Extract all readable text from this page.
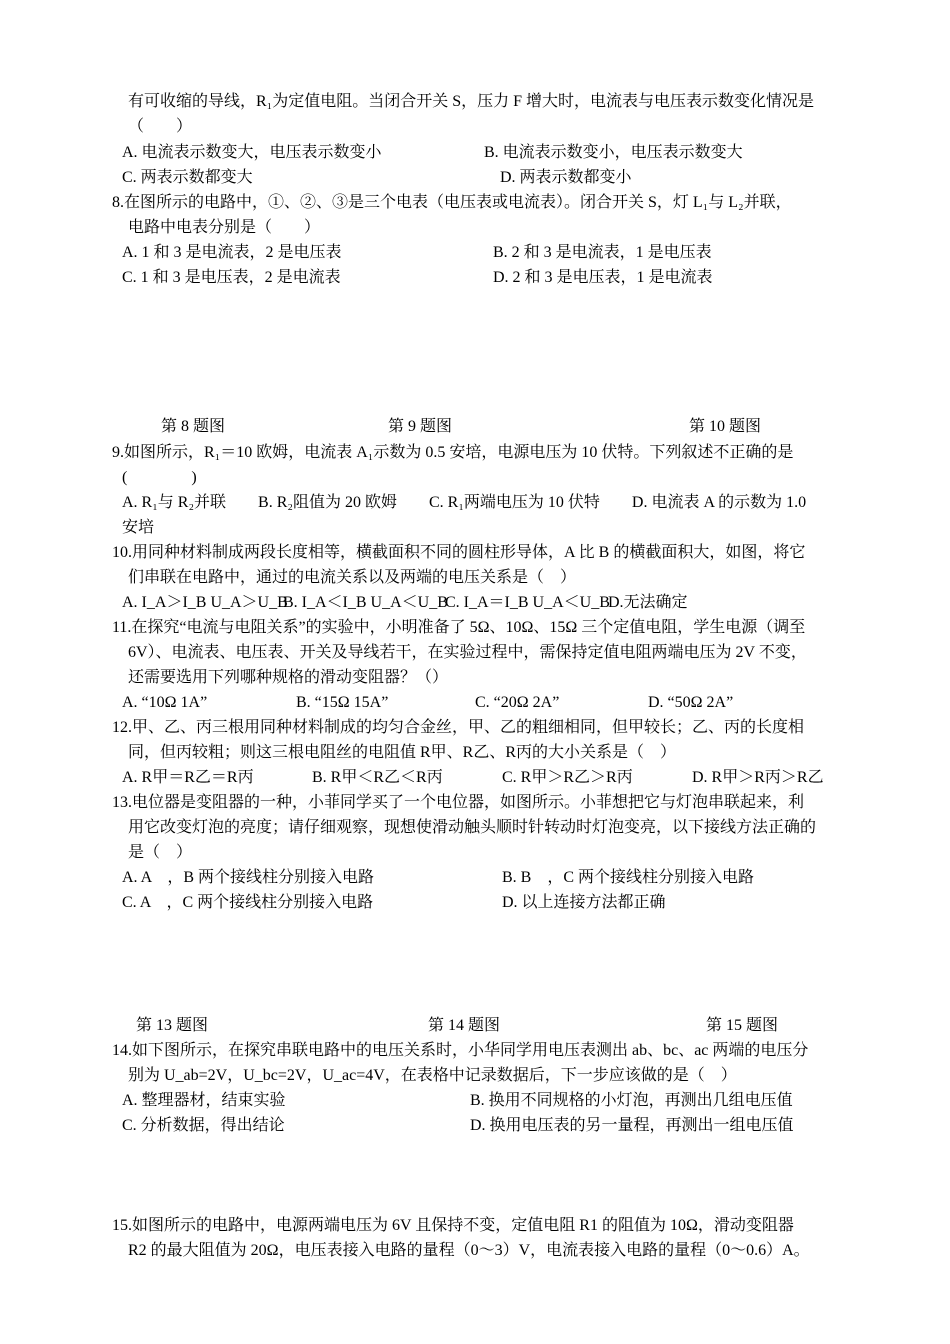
有可收缩的导线，R₁为定值电阻。当闭合开关 S，压力 F 增大时，电流表与电压表示数变化情况是
（　　）
A. 电流表示数变大，电压表示数变小	B. 电流表示数变小，电压表示数变大
C. 两表示数都变大	D. 两表示数都变小
8.在图所示的电路中，①、②、③是三个电表（电压表或电流表）。闭合开关 S，灯 L₁与 L₂并联，
电路中电表分别是（　　）
A. 1 和 3 是电流表，2 是电压表	B. 2 和 3 是电流表，1 是电压表
C. 1 和 3 是电压表，2 是电流表	D. 2 和 3 是电压表，1 是电流表
第 8 题图	第 9 题图	第 10 题图
9.如图所示，R₁＝10 欧姆，电流表 A₁示数为 0.5 安培，电源电压为 10 伏特。下列叙述不正确的是
(　　　　)
A. R₁与 R₂并联　　B. R₂阻值为 20 欧姆　　C. R₁两端电压为 10 伏特　　D. 电流表 A 的示数为 1.0
安培
10.用同种材料制成两段长度相等，横截面积不同的圆柱形导体，A 比 B 的横截面积大，如图，将它
们串联在电路中，通过的电流关系以及两端的电压关系是（　）
A. I_A＞I_B U_A＞U_B
B. I_A＜I_B U_A＜U_B
C. I_A＝I_B U_A＜U_B
D.无法确定
11.在探究“电流与电阻关系”的实验中，小明准备了 5Ω、10Ω、15Ω 三个定值电阻，学生电源（调至
6V）、电流表、电压表、开关及导线若干，在实验过程中，需保持定值电阻两端电压为 2V 不变，
还需要选用下列哪种规格的滑动变阻器？（）
A. “10Ω 1A”	B. “15Ω 15A”	C. “20Ω 2A”	D. “50Ω 2A”
12.甲、乙、丙三根用同种材料制成的均匀合金丝，甲、乙的粗细相同，但甲较长；乙、丙的长度相
同，但丙较粗；则这三根电阻丝的电阻值 R甲、R乙、R丙的大小关系是（　）
A. R甲＝R乙＝R丙	B. R甲＜R乙＜R丙	C. R甲＞R乙＞R丙	D. R甲＞R丙＞R乙
13.电位器是变阻器的一种，小菲同学买了一个电位器，如图所示。小菲想把它与灯泡串联起来，利
用它改变灯泡的亮度；请仔细观察，现想使滑动触头顺时针转动时灯泡变亮，以下接线方法正确的
是（　）
A. A　，B 两个接线柱分别接入电路	B. B　，C 两个接线柱分别接入电路
C. A　，C 两个接线柱分别接入电路	D. 以上连接方法都正确
第 13 题图	第 14 题图	第 15 题图
14.如下图所示，在探究串联电路中的电压关系时，小华同学用电压表测出 ab、bc、ac 两端的电压分
别为 U_ab=2V，U_bc=2V，U_ac=4V，在表格中记录数据后，下一步应该做的是（　）
A. 整理器材，结束实验	B. 换用不同规格的小灯泡，再测出几组电压值
C. 分析数据，得出结论	D. 换用电压表的另一量程，再测出一组电压值
15.如图所示的电路中，电源两端电压为 6V 且保持不变，定值电阻 R1 的阻值为 10Ω，滑动变阻器
R2 的最大阻值为 20Ω，电压表接入电路的量程（0～3）V，电流表接入电路的量程（0～0.6）A。
